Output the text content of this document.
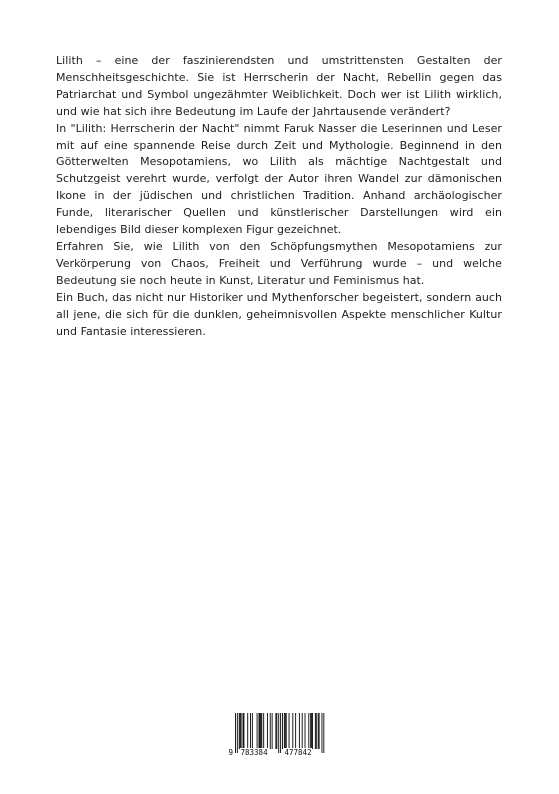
Lilith – eine der faszinierendsten und umstrittensten Gestalten der Menschheitsgeschichte. Sie ist Herrscherin der Nacht, Rebellin gegen das Patriarchat und Symbol ungezähmter Weiblichkeit. Doch wer ist Lilith wirklich, und wie hat sich ihre Bedeutung im Laufe der Jahrtausende verändert?

In "Lilith: Herrscherin der Nacht" nimmt Faruk Nasser die Leserinnen und Leser mit auf eine spannende Reise durch Zeit und Mythologie. Beginnend in den Götterwelten Mesopotamiens, wo Lilith als mächtige Nachtgestalt und Schutzgeist verehrt wurde, verfolgt der Autor ihren Wandel zur dämonischen Ikone in der jüdischen und christlichen Tradition. Anhand archäologischer Funde, literarischer Quellen und künstlerischer Darstellungen wird ein lebendiges Bild dieser komplexen Figur gezeichnet.

Erfahren Sie, wie Lilith von den Schöpfungsmythen Mesopotamiens zur Verkörperung von Chaos, Freiheit und Verführung wurde – und welche Bedeutung sie noch heute in Kunst, Literatur und Feminismus hat.

Ein Buch, das nicht nur Historiker und Mythenforscher begeistert, sondern auch all jene, die sich für die dunklen, geheimnisvollen Aspekte menschlicher Kultur und Fantasie interessieren.

9 783384 477842
